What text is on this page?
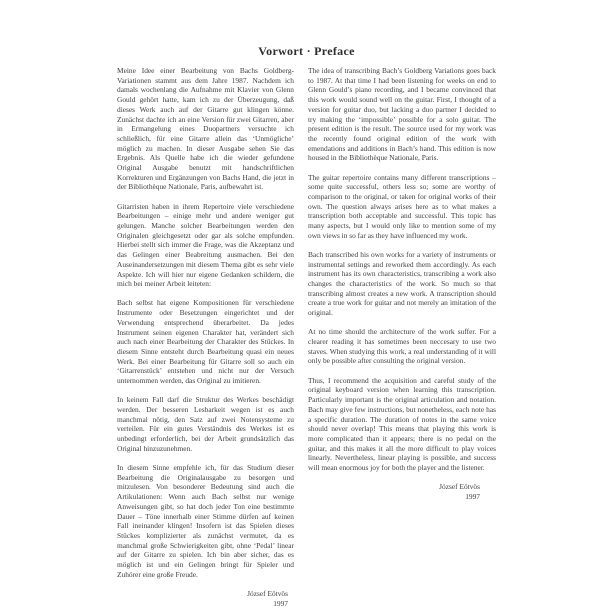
Vorwort · Preface

Meine Idee einer Bearbeitung von Bachs Goldberg-Variationen stammt aus dem Jahre 1987. Nachdem ich damals wochenlang die Aufnahme mit Klavier von Glenn Gould gehört hatte, kam ich zu der Überzeugung, daß dieses Werk auch auf der Gitarre gut klingen könne. Zunächst dachte ich an eine Version für zwei Gitarren, aber in Ermangelung eines Duopartners versuchte ich schließlich, für eine Gitarre allein das ‘Unmögliche’ möglich zu machen. In dieser Ausgabe sehen Sie das Ergebnis. Als Quelle habe ich die wieder gefundene Original Ausgabe benutzt mit handschriftlichen Korrekturen und Ergänzungen von Bachs Hand, die jetzt in der Bibliothèque Nationale, Paris, aufbewahrt ist.

Gitarristen haben in ihrem Repertoire viele verschiedene Bearbeitungen – einige mehr und andere weniger gut gelungen. Manche solcher Bearbeitungen werden den Originalen gleichgesetzt oder gar als solche empfunden. Hierbei stellt sich immer die Frage, was die Akzeptanz und das Gelingen einer Beabreitung ausmachen. Bei den Auseinandersetzungen mit diesem Thema gibt es sehr viele Aspekte. Ich will hier nur eigene Gedanken schildern, die mich bei meiner Arbeit leiteten:

Bach selbst hat eigene Kompositionen für verschiedene Instrumente oder Besetzungen eingerichtet und der Verwendung entsprechend überarbeitet. Da jedes Instrument seinen eigenen Charakter hat, verändert sich auch nach einer Bearbeitung der Charakter des Stückes. In diesem Sinne entsteht durch Bearbeitung quasi ein neues Werk. Bei einer Bearbeitung für Gitarre soll so auch ein ‘Gitarrenstück’ entstehen und nicht nur der Versuch unternommen werden, das Original zu imitieren.

In keinem Fall darf die Struktur des Werkes beschädigt werden. Der besseren Lesbarkeit wegen ist es auch manchmal nötig, den Satz auf zwei Notensysteme zu verteilen. Für ein gutes Verständnis des Werkes ist es unbedingt erforderlich, bei der Arbeit grundsätzlich das Original hinzuzunehmen.

In diesem Sinne empfehle ich, für das Studium dieser Bearbeitung die Originalausgabe zu besorgen und mitzulesen. Von besonderer Bedeutung sind auch die Artikulationen: Wenn auch Bach selbst nur wenige Anweisungen gibt, so hat doch jeder Ton eine bestimmte Dauer – Töne innerhalb einer Stimme dürfen auf keinen Fall ineinander klingen! Insofern ist das Spielen dieses Stückes komplizierter als zunächst vermutet, da es manchmal große Schwierigkeiten gibt, ohne ‘Pedal’ linear auf der Gitarre zu spielen. Ich bin aber sicher, das es möglich ist und ein Gelingen bringt für Spieler und Zuhörer eine große Freude.

József Eötvös
1997

The idea of transcribing Bach’s Goldberg Variations goes back to 1987. At that time I had been listening for weeks on end to Glenn Gould’s piano recording, and I became convinced that this work would sound well on the guitar. First, I thought of a version for guitar duo, but lacking a duo partner I decided to try making the ‘impossible’ possible for a solo guitar. The present edition is the result. The source used for my work was the recently found original edition of the work with emendations and additions in Bach’s hand. This edition is now housed in the Bibliothèque Nationale, Paris.

The guitar repertoire contains many different transcriptions – some quite successful, others less so; some are worthy of comparison to the original, or taken for original works of their own. The question always arises here as to what makes a transcription both acceptable and successful. This topic has many aspects, but I would only like to mention some of my own views in so far as they have influenced my work.

Bach transcribed his own works for a variety of instruments or instrumental settings and reworked them accordingly. As each instrument has its own characteristics, transcribing a work also changes the characteristics of the work. So much so that transcribing almost creates a new work. A transcription should create a true work for guitar and not merely an imitation of the original.

At no time should the architecture of the work suffer. For a clearer reading it has sometimes been neccesary to use two staves. When studying this work, a real understanding of it will only be possible after consulting the original version.

Thus, I recommend the acquisition and careful study of the original keyboard version when learning this transcription. Particularly important is the original articulation and notation. Bach may give few instructions, but nonetheless, each note has a specific duration. The duration of notes in the same voice should never overlap! This means that playing this work is more complicated than it appears; there is no pedal on the guitar, and this makes it all the more difficult to play voices linearly. Nevertheless, linear playing is possible, and success will mean enormous joy for both the player and the listener.

József Eötvös
1997
